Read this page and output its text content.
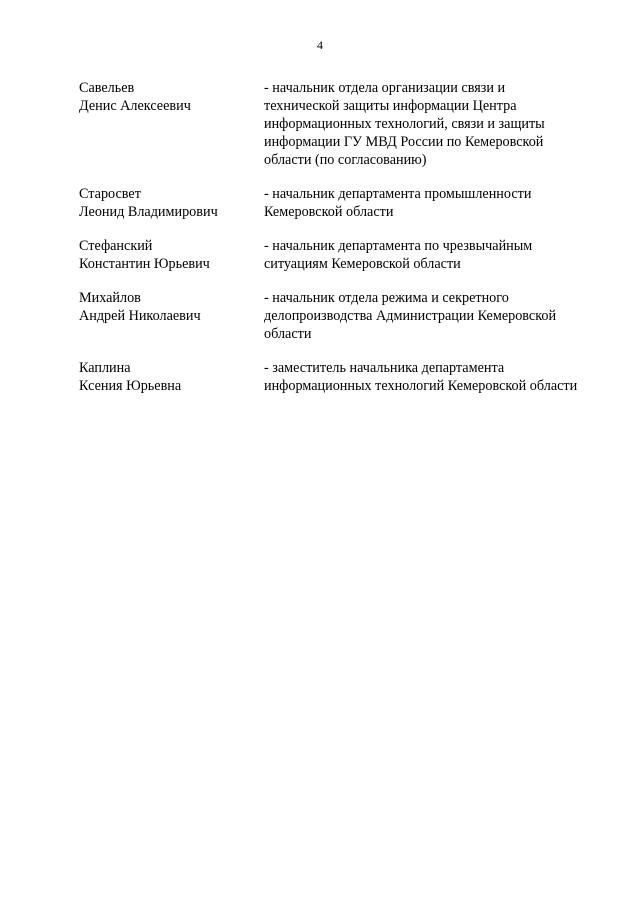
4
Савельев
Денис Алексеевич
- начальник отдела организации связи и
технической защиты информации Центра
информационных технологий, связи и защиты
информации ГУ МВД России по Кемеровской
области (по согласованию)
Старосвет
Леонид Владимирович
- начальник департамента промышленности
Кемеровской области
Стефанский
Константин Юрьевич
- начальник департамента по чрезвычайным
ситуациям Кемеровской области
Михайлов
Андрей Николаевич
- начальник отдела режима и секретного
делопроизводства Администрации Кемеровской
области
Каплина
Ксения Юрьевна
- заместитель начальника департамента
информационных технологий Кемеровской области
